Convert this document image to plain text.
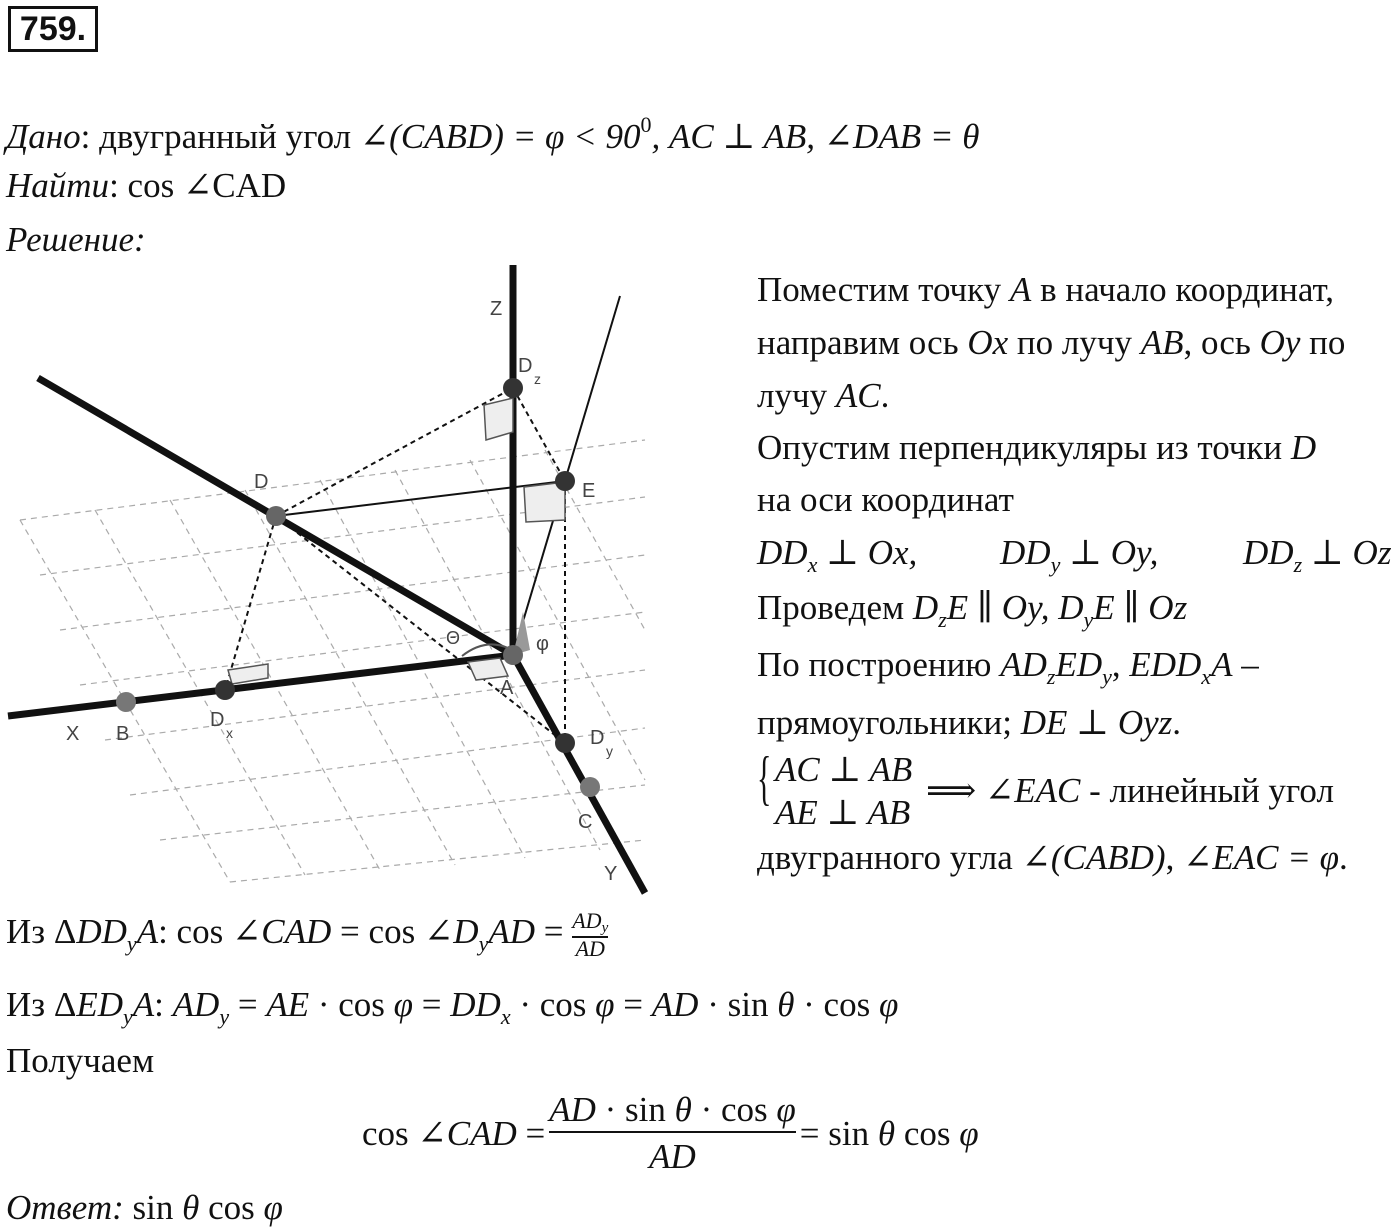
759.
Дано: двугранный угол ∠(CABD) = $\varphi < 90^0$, AC ⊥ AB, ∠DAB = θ
Найти: cos ∠CAD
Решение:
Z
D
z
E
D
Θ	φ
A
X B
D
x	D
y
C
Y
Поместим точку A в начало координат,
направим ось Ox по лучу AB, ось Oy по
лучу AC.
Опустим перпендикуляры из точки D
на оси координат
$DD_x$ ⊥ Ox, $DD_y$ ⊥ Oy, $DD_z$ ⊥ Oz
Проведем $D_zE$ ∥ Oy, $D_yE$ ∥ Oz
По построению $AD_zED_y$, $EDD_xA$ –
прямоугольники; DE ⊥ Oyz.
{ AC ⊥ AB
AE ⊥ AB
⟹ ∠EAC - линейный угол
двугранного угла ∠(CABD), ∠EAC = φ.
Из $\Delta DD_yA$: cos ∠CAD = $\cos \angle D_yAD = \frac{\text{ADy}}{AD}$
Из $\Delta ED_yA$: $AD_y$ = AE · $\cos \varphi = DD_x \cdot \cos \varphi$ = AD · sin θ · cos φ
Получаем
cos ∠CAD = $\frac{\text{AD · sin θ · cos φ}}{AD} = \sin \theta$ cos φ
Ответ: sin θ cos φ
